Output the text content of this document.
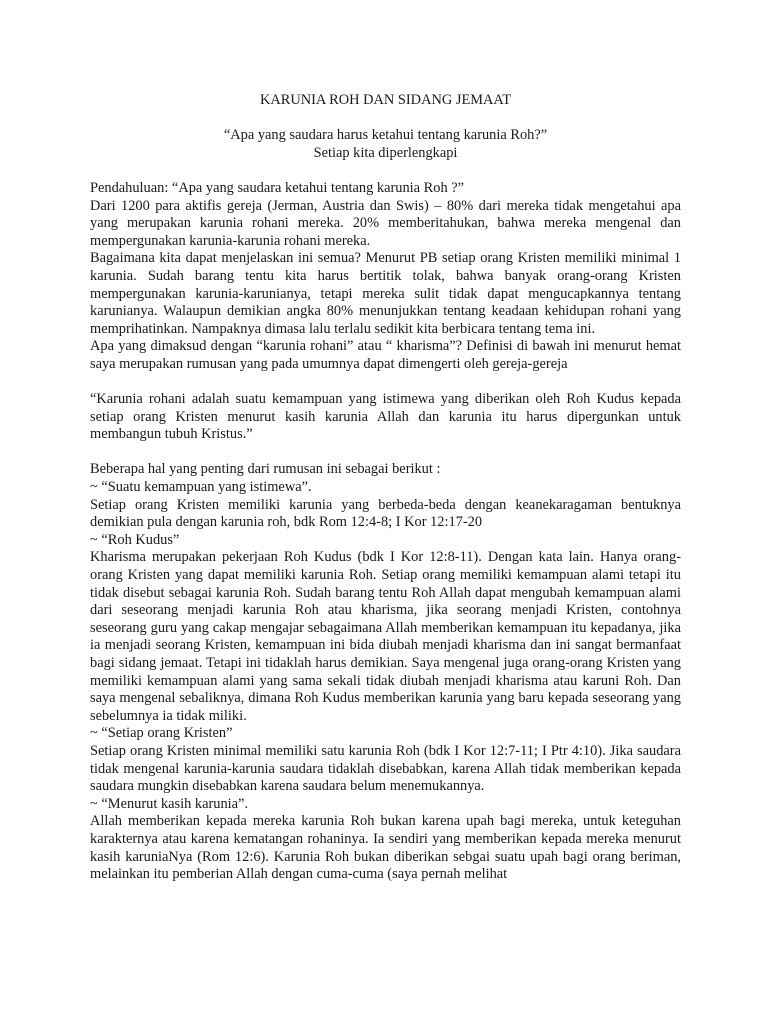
KARUNIA ROH DAN SIDANG JEMAAT
“Apa yang saudara harus ketahui tentang karunia Roh?”
Setiap kita diperlengkapi
Pendahuluan: “Apa yang saudara ketahui tentang karunia Roh ?”

Dari 1200 para aktifis gereja (Jerman, Austria dan Swis) – 80% dari mereka tidak mengetahui apa yang merupakan karunia rohani mereka. 20% memberitahukan, bahwa mereka mengenal dan mempergunakan karunia-karunia rohani mereka.

Bagaimana kita dapat menjelaskan ini semua? Menurut PB setiap orang Kristen memiliki minimal 1 karunia. Sudah barang tentu kita harus bertitik tolak, bahwa banyak orang-orang Kristen mempergunakan karunia-karunianya, tetapi mereka sulit tidak dapat mengucapkannya tentang karunianya. Walaupun demikian angka 80% menunjukkan tentang keadaan kehidupan rohani yang memprihatinkan. Nampaknya dimasa lalu terlalu sedikit kita berbicara tentang tema ini.

Apa yang dimaksud dengan “karunia rohani” atau “ kharisma”? Definisi di bawah ini menurut hemat saya merupakan rumusan yang pada umumnya dapat dimengerti oleh gereja-gereja

“Karunia rohani adalah suatu kemampuan yang istimewa yang diberikan oleh Roh Kudus kepada setiap orang Kristen menurut kasih karunia Allah dan karunia itu harus dipergunkan untuk membangun tubuh Kristus.”

Beberapa hal yang penting dari rumusan ini sebagai berikut :

~ “Suatu kemampuan yang istimewa”.

Setiap orang Kristen memiliki karunia yang berbeda-beda dengan keanekaragaman bentuknya demikian pula dengan karunia roh, bdk Rom 12:4-8; I Kor 12:17-20

~ “Roh Kudus”

Kharisma merupakan pekerjaan Roh Kudus (bdk I Kor 12:8-11). Dengan kata lain. Hanya orang-orang Kristen yang dapat memiliki karunia Roh. Setiap orang memiliki kemampuan alami tetapi itu tidak disebut sebagai karunia Roh. Sudah barang tentu Roh Allah dapat mengubah kemampuan alami dari seseorang menjadi karunia Roh atau kharisma, jika seorang menjadi Kristen, contohnya seseorang guru yang cakap mengajar sebagaimana Allah memberikan kemampuan itu kepadanya, jika ia menjadi seorang Kristen, kemampuan ini bida diubah menjadi kharisma dan ini sangat bermanfaat bagi sidang jemaat. Tetapi ini tidaklah harus demikian. Saya mengenal juga orang-orang Kristen yang memiliki kemampuan alami yang sama sekali tidak diubah menjadi kharisma atau karuni Roh. Dan saya mengenal sebaliknya, dimana Roh Kudus memberikan karunia yang baru kepada seseorang yang sebelumnya ia tidak miliki.

~ “Setiap orang Kristen”

Setiap orang Kristen minimal memiliki satu karunia Roh (bdk I Kor 12:7-11; I Ptr 4:10). Jika saudara tidak mengenal karunia-karunia saudara tidaklah disebabkan, karena Allah tidak memberikan kepada saudara mungkin disebabkan karena saudara belum menemukannya.

~ “Menurut kasih karunia”.

Allah memberikan kepada mereka karunia Roh bukan karena upah bagi mereka, untuk keteguhan karakternya atau karena kematangan rohaninya. Ia sendiri yang memberikan kepada mereka menurut kasih karuniaNya (Rom 12:6). Karunia Roh bukan diberikan sebgai suatu upah bagi orang beriman, melainkan itu pemberian Allah dengan cuma-cuma (saya pernah melihat
